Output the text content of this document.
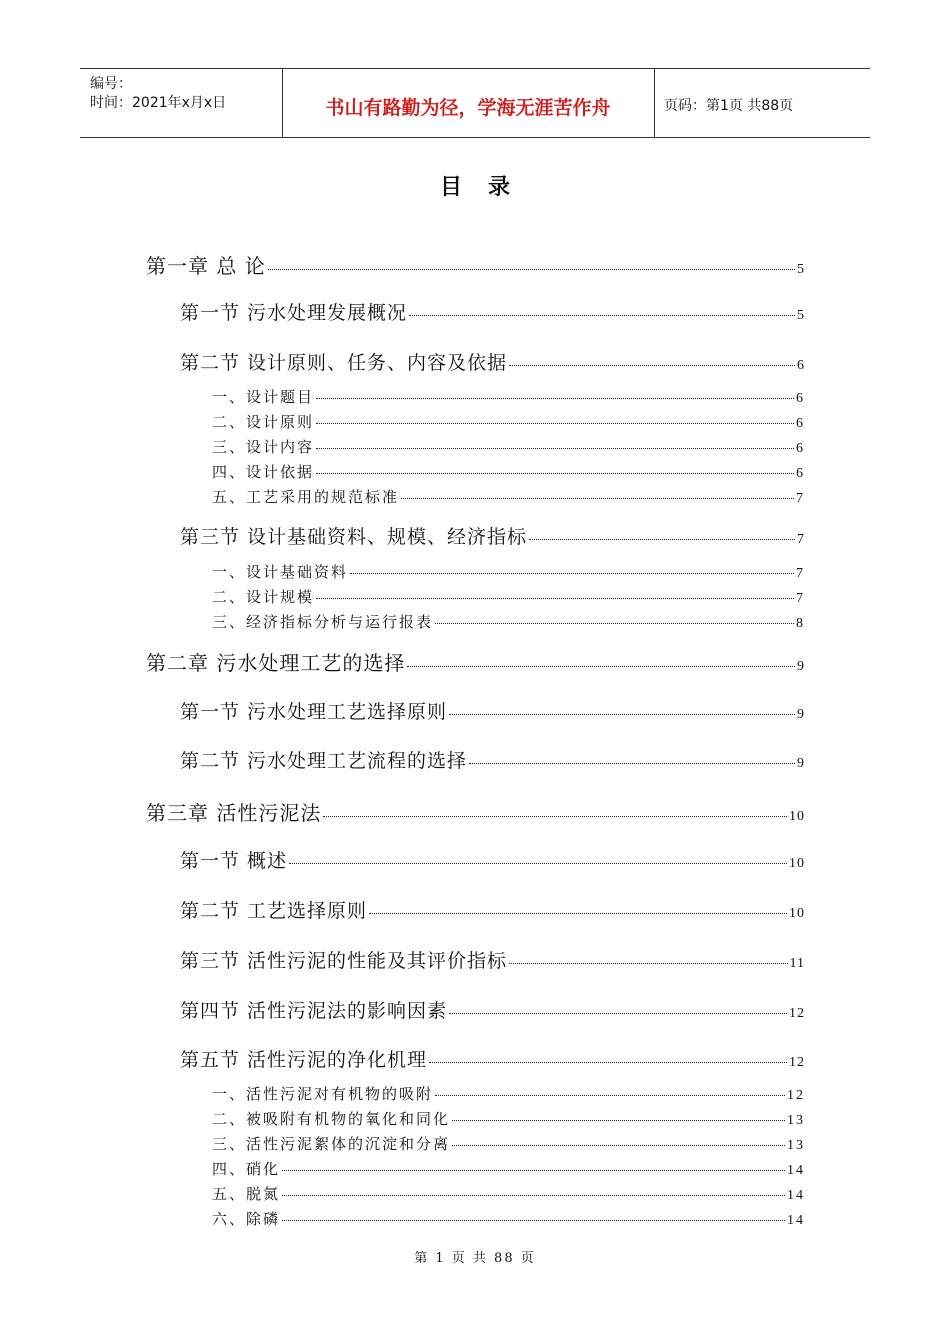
编号：
时间：2021年x月x日	书山有路勤为径，学海无涯苦作舟	页码：第1页 共88页
目录
第一章 总 论	5
第一节 污水处理发展概况	5
第二节 设计原则、任务、内容及依据	6
一、设计题目	6
二、设计原则	6
三、设计内容	6
四、设计依据	6
五、工艺采用的规范标准	7
第三节 设计基础资料、规模、经济指标	7
一、设计基础资料	7
二、设计规模	7
三、经济指标分析与运行报表	8
第二章 污水处理工艺的选择	9
第一节 污水处理工艺选择原则	9
第二节 污水处理工艺流程的选择	9
第三章 活性污泥法	10
第一节 概述	10
第二节 工艺选择原则	10
第三节 活性污泥的性能及其评价指标	11
第四节 活性污泥法的影响因素	12
第五节 活性污泥的净化机理	12
一、活性污泥对有机物的吸附	12
二、被吸附有机物的氧化和同化	13
三、活性污泥絮体的沉淀和分离	13
四、硝化	14
五、脱氮	14
六、除磷	14
第 1 页 共 88 页
